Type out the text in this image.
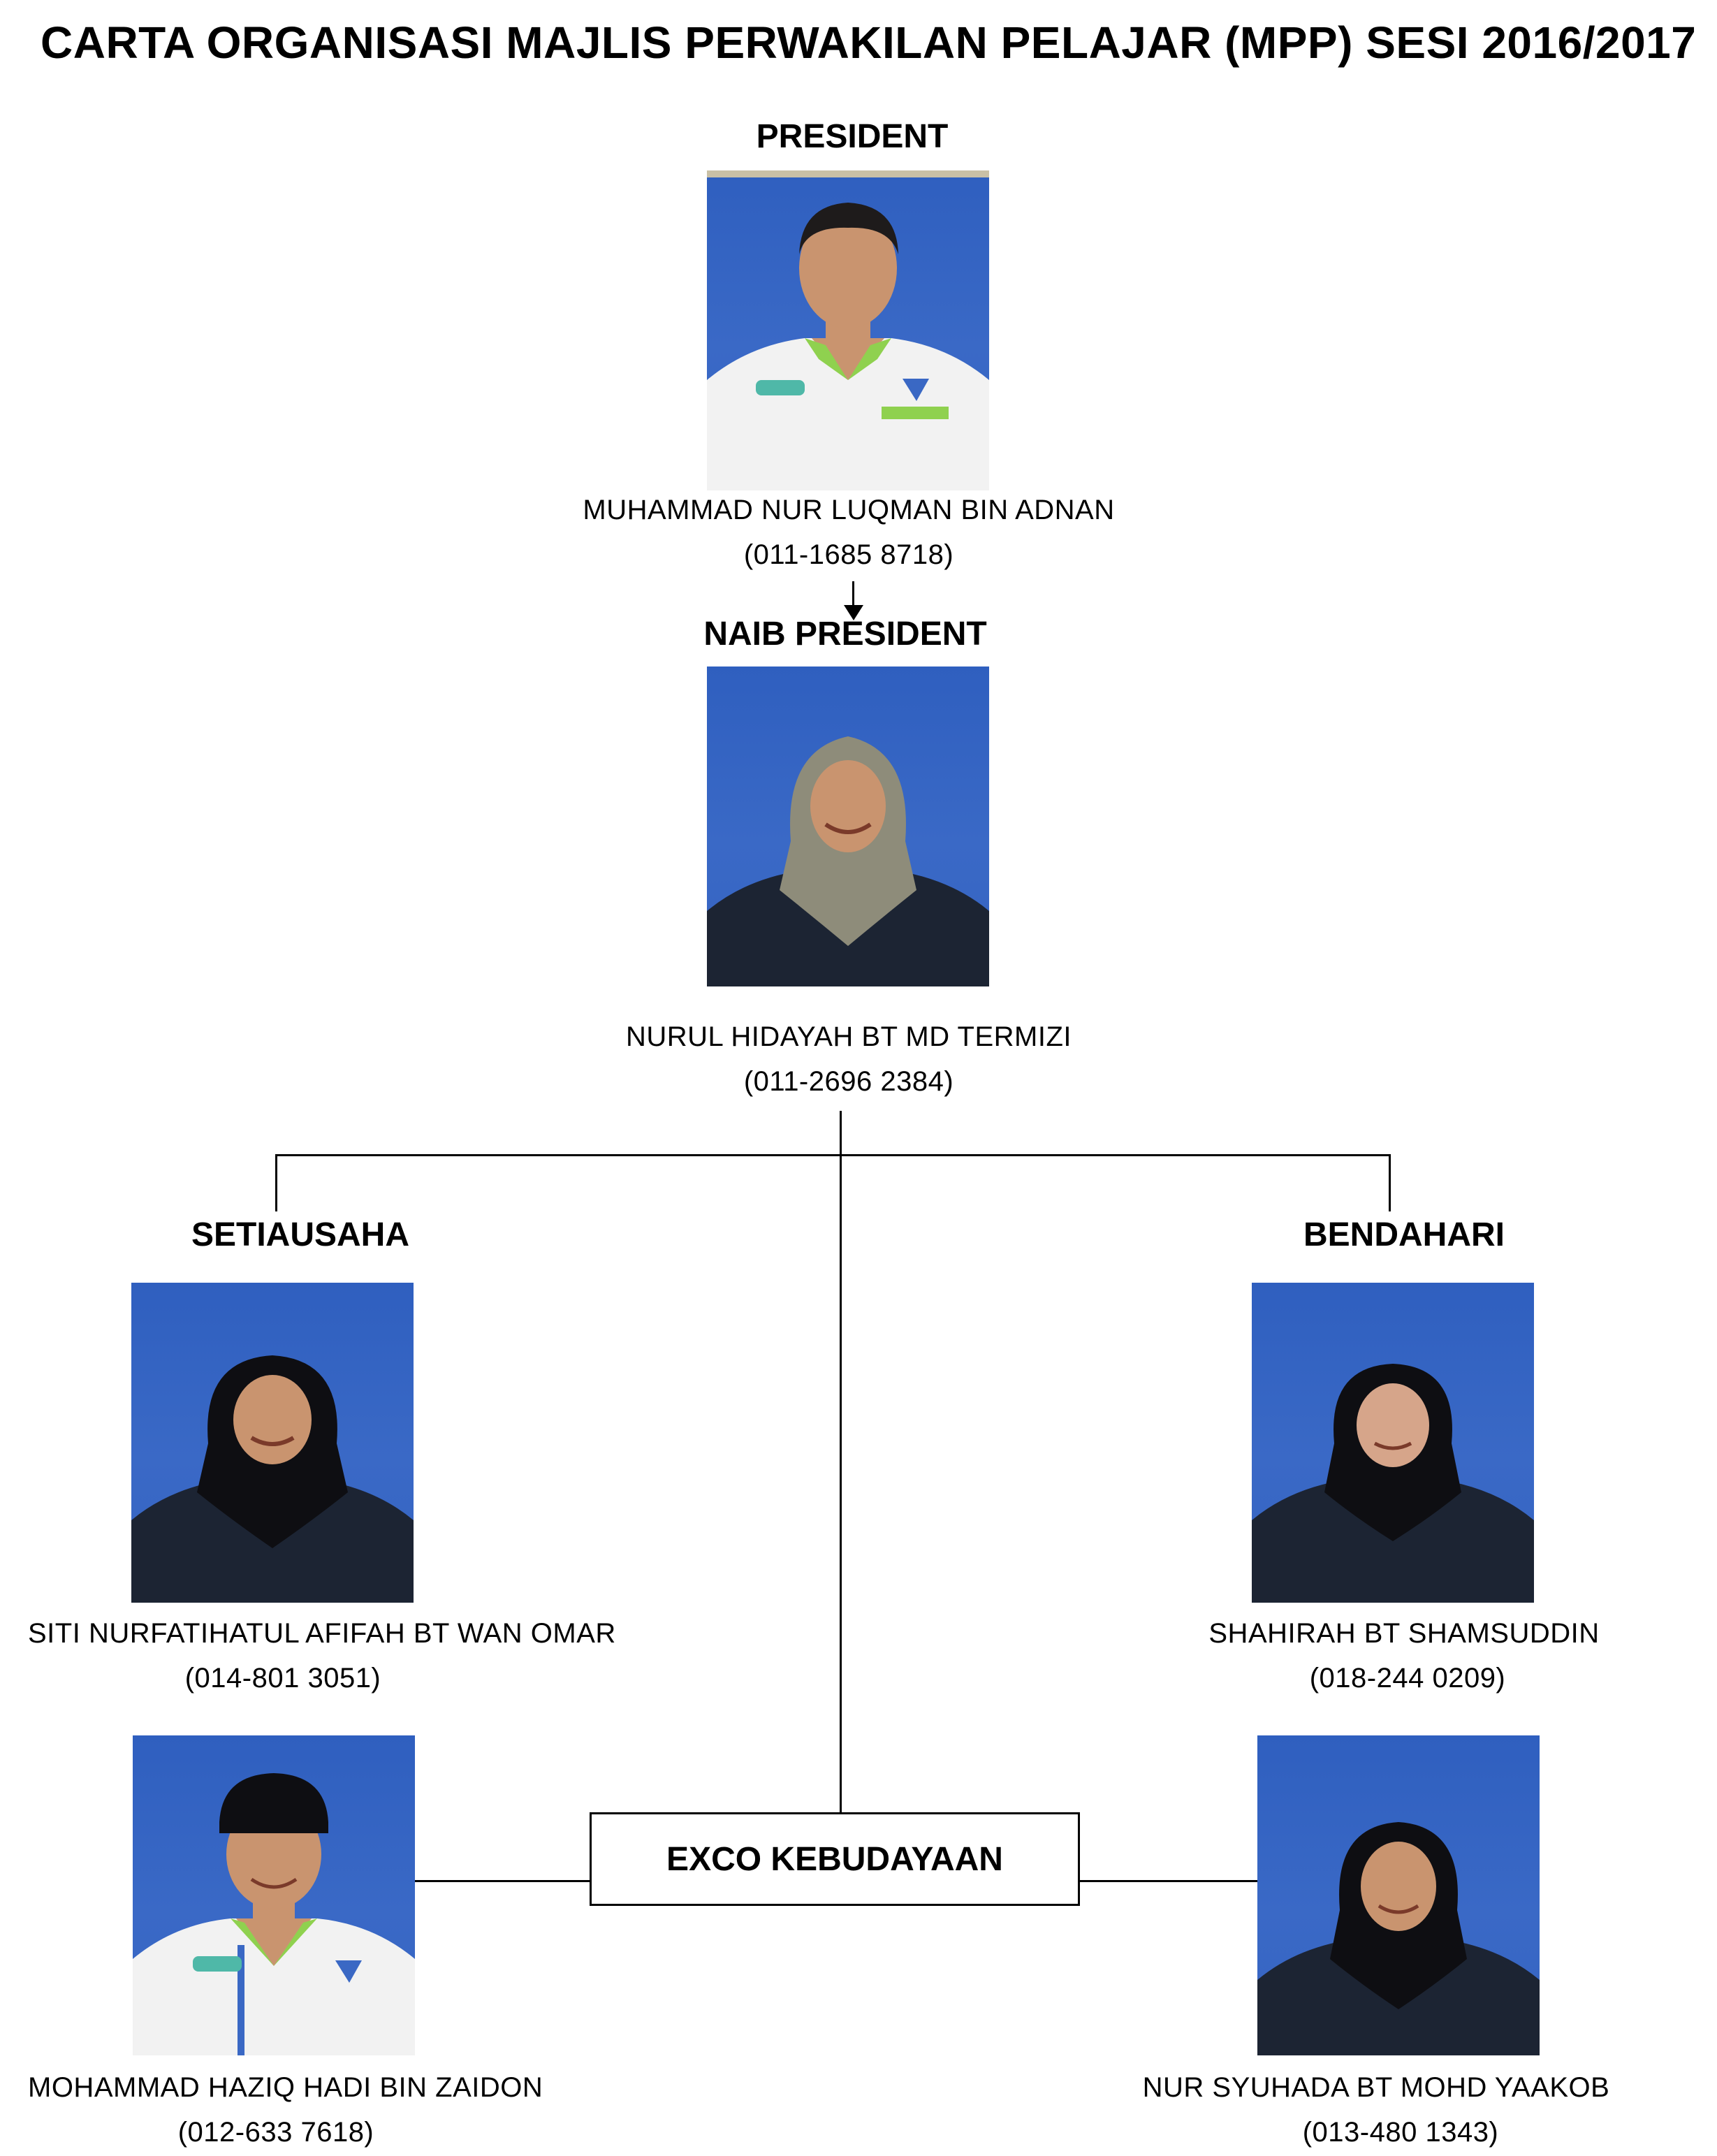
CARTA ORGANISASI MAJLIS PERWAKILAN PELAJAR (MPP) SESI 2016/2017
PRESIDENT
MUHAMMAD NUR LUQMAN BIN ADNAN
(011-1685 8718)
NAIB PRESIDENT
NURUL HIDAYAH BT MD TERMIZI
(011-2696 2384)
SETIAUSAHA
SITI NURFATIHATUL AFIFAH BT WAN OMAR
(014-801 3051)
BENDAHARI
SHAHIRAH BT SHAMSUDDIN
(018-244 0209)
EXCO KEBUDAYAAN
MOHAMMAD HAZIQ HADI BIN ZAIDON
(012-633 7618)
NUR SYUHADA BT MOHD YAAKOB
(013-480 1343)
